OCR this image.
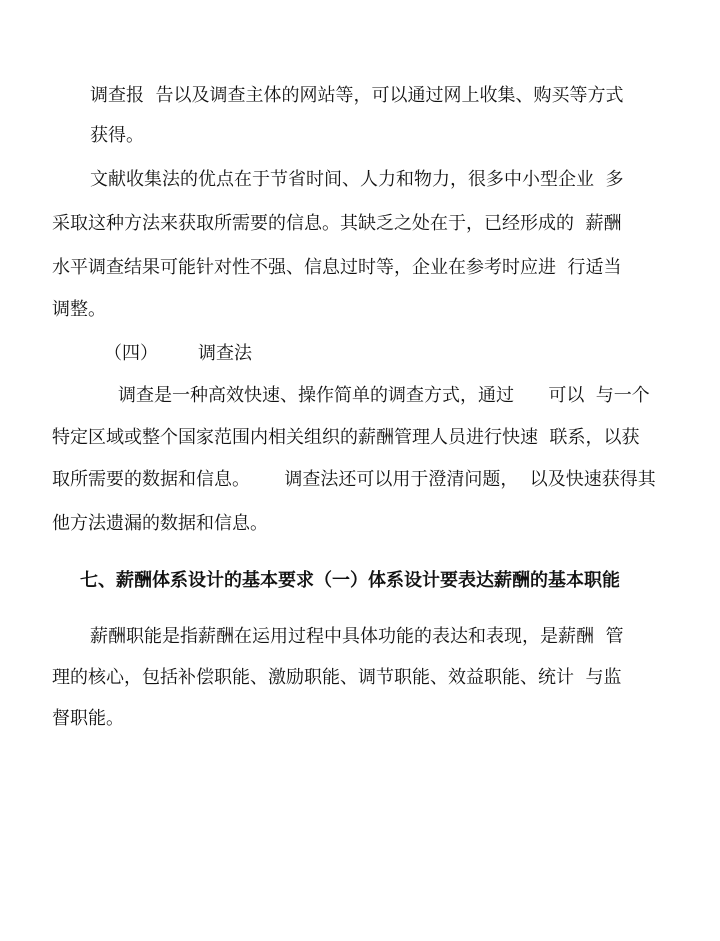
调查报  告以及调查主体的网站等，可以通过网上收集、购买等方式
获得。
文献收集法的优点在于节省时间、人力和物力，很多中小型企业  多
采取这种方法来获取所需要的信息。其缺乏之处在于，已经形成的  薪酬
水平调查结果可能针对性不强、信息过时等，企业在参考时应进  行适当
调整。
（四）       调查法
调查是一种高效快速、操作简单的调查方式，通过      可以  与一个
特定区域或整个国家范围内相关组织的薪酬管理人员进行快速  联系，以获
取所需要的数据和信息。      调查法还可以用于澄清问题，  以及快速获得其
他方法遗漏的数据和信息。
七、薪酬体系设计的基本要求（一）体系设计要表达薪酬的基本职能
薪酬职能是指薪酬在运用过程中具体功能的表达和表现，是薪酬  管
理的核心，包括补偿职能、激励职能、调节职能、效益职能、统计  与监
督职能。
